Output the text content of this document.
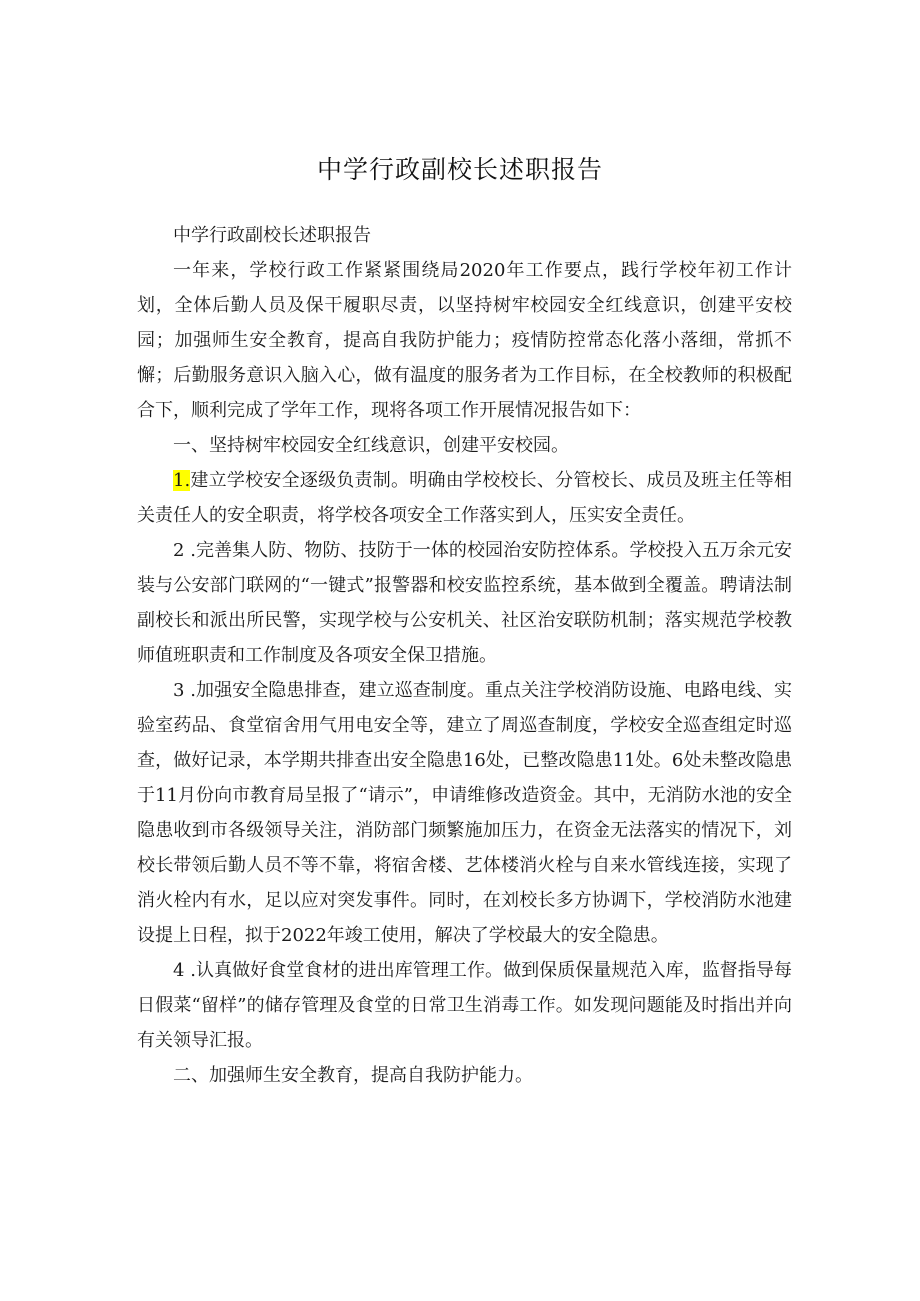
中学行政副校长述职报告

中学行政副校长述职报告

一年来，学校行政工作紧紧围绕局2020年工作要点，践行学校年初工作计划，全体后勤人员及保干履职尽责，以坚持树牢校园安全红线意识，创建平安校园；加强师生安全教育，提高自我防护能力；疫情防控常态化落小落细，常抓不懈；后勤服务意识入脑入心，做有温度的服务者为工作目标，在全校教师的积极配合下，顺利完成了学年工作，现将各项工作开展情况报告如下：

一、坚持树牢校园安全红线意识，创建平安校园。

1.建立学校安全逐级负责制。明确由学校校长、分管校长、成员及班主任等相关责任人的安全职责，将学校各项安全工作落实到人，压实安全责任。

2 .完善集人防、物防、技防于一体的校园治安防控体系。学校投入五万余元安装与公安部门联网的“一键式”报警器和校安监控系统，基本做到全覆盖。聘请法制副校长和派出所民警，实现学校与公安机关、社区治安联防机制；落实规范学校教师值班职责和工作制度及各项安全保卫措施。

3 .加强安全隐患排查，建立巡查制度。重点关注学校消防设施、电路电线、实验室药品、食堂宿舍用气用电安全等，建立了周巡查制度，学校安全巡查组定时巡查，做好记录，本学期共排查出安全隐患16处，已整改隐患11处。6处未整改隐患于11月份向市教育局呈报了“请示”，申请维修改造资金。其中，无消防水池的安全隐患收到市各级领导关注，消防部门频繁施加压力，在资金无法落实的情况下，刘校长带领后勤人员不等不靠，将宿舍楼、艺体楼消火栓与自来水管线连接，实现了消火栓内有水，足以应对突发事件。同时，在刘校长多方协调下，学校消防水池建设提上日程，拟于2022年竣工使用，解决了学校最大的安全隐患。

4 .认真做好食堂食材的进出库管理工作。做到保质保量规范入库，监督指导每日假菜“留样”的储存管理及食堂的日常卫生消毒工作。如发现问题能及时指出并向有关领导汇报。

二、加强师生安全教育，提高自我防护能力。
